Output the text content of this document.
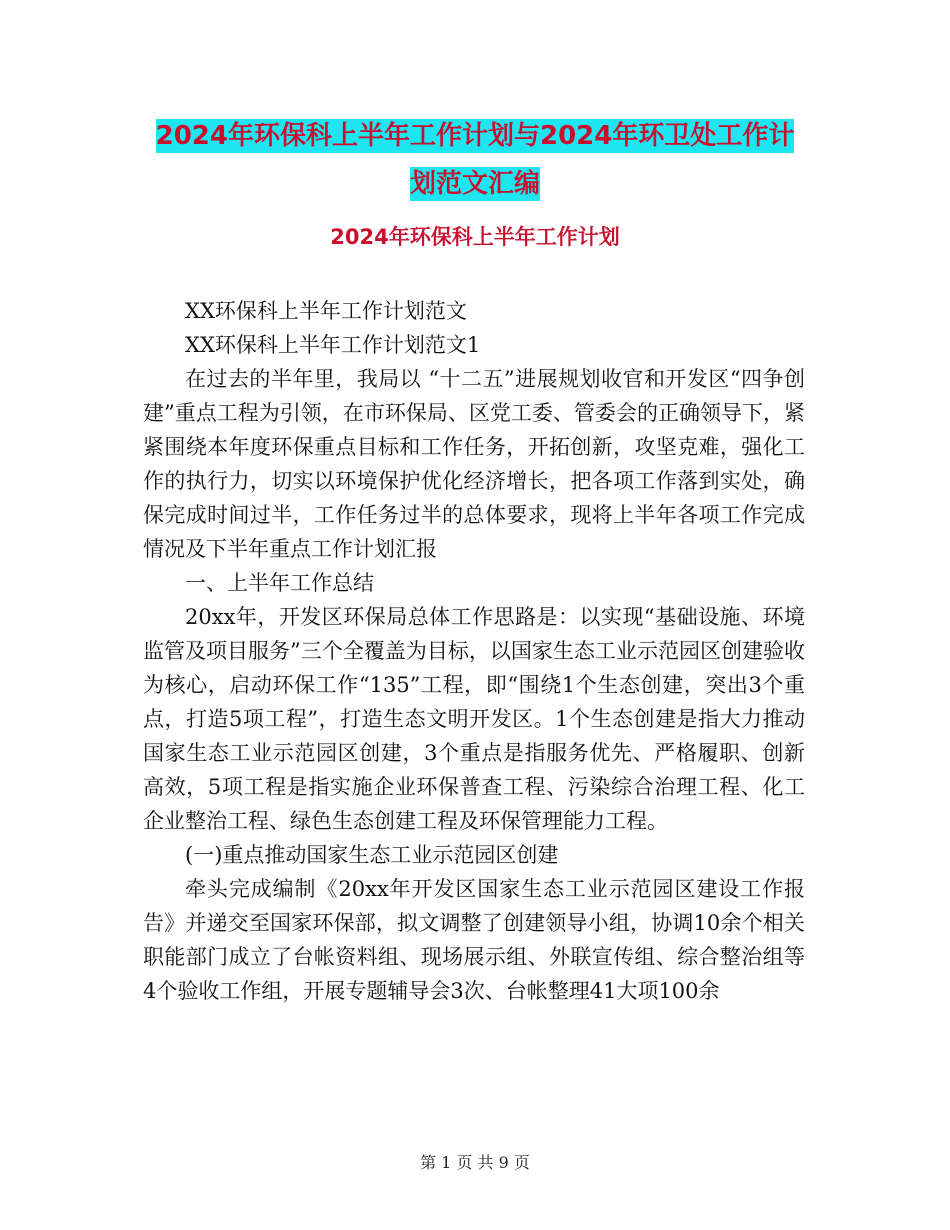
2024年环保科上半年工作计划与2024年环卫处工作计
划范文汇编
2024年环保科上半年工作计划

XX环保科上半年工作计划范文

XX环保科上半年工作计划范文1

在过去的半年里，我局以 “十二五”进展规划收官和开发区“四争创建”重点工程为引领，在市环保局、区党工委、管委会的正确领导下，紧紧围绕本年度环保重点目标和工作任务，开拓创新，攻坚克难，强化工作的执行力，切实以环境保护优化经济增长，把各项工作落到实处，确保完成时间过半，工作任务过半的总体要求，现将上半年各项工作完成情况及下半年重点工作计划汇报

一、上半年工作总结

20xx年，开发区环保局总体工作思路是：以实现“基础设施、环境监管及项目服务”三个全覆盖为目标，以国家生态工业示范园区创建验收为核心，启动环保工作“135”工程，即“围绕1个生态创建，突出3个重点，打造5项工程”，打造生态文明开发区。1个生态创建是指大力推动国家生态工业示范园区创建，3个重点是指服务优先、严格履职、创新高效，5项工程是指实施企业环保普查工程、污染综合治理工程、化工企业整治工程、绿色生态创建工程及环保管理能力工程。

(一)重点推动国家生态工业示范园区创建

牵头完成编制《20xx年开发区国家生态工业示范园区建设工作报告》并递交至国家环保部，拟文调整了创建领导小组，协调10余个相关职能部门成立了台帐资料组、现场展示组、外联宣传组、综合整治组等4个验收工作组，开展专题辅导会3次、台帐整理41大项100余

第 1 页 共 9 页
